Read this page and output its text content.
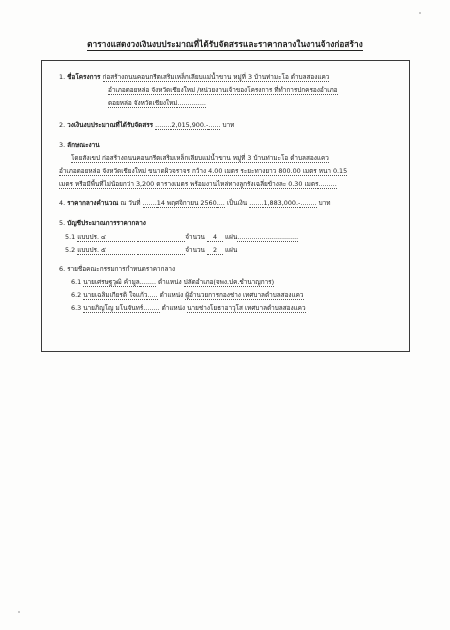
ตารางแสดงวงเงินงบประมาณที่ได้รับจัดสรรและราคากลางในงานจ้างก่อสร้าง
1. ชื่อโครงการ ก่อสร้างถนนคอนกรีตเสริมเหล็กเลียบแม่น้ำขาน หมู่ที่ 3 บ้านท่ามะโอ ตำบลสองแคว
อำเภอดอยหล่อ จังหวัดเชียงใหม่ /หน่วยงานเจ้าของโครงการ ที่ทำการปกครองอำเภอ
ดอยหล่อ จังหวัดเชียงใหม่..............
2. วงเงินงบประมาณที่ได้รับจัดสรร ........2,015,900.-...... บาท
3. ลักษณะงาน
โดยสังเขป ก่อสร้างถนนคอนกรีตเสริมเหล็กเลียบแม่น้ำขาน หมู่ที่ 3 บ้านท่ามะโอ ตำบลสองแคว
อำเภอดอยหล่อ จังหวัดเชียงใหม่ ขนาดผิวจราจร กว้าง 4.00 เมตร ระยะทางยาว 800.00 เมตร หนา 0.15
เมตร หรือมีพื้นที่ไม่น้อยกว่า 3,200 ตารางเมตร พร้อมงานไหล่ทางลูกรังเฉลี่ยข้างละ 0.30 เมตร.........
4. ราคากลางคำนวณ ณ วันที่ .......14 พฤศจิกายน 2560.... เป็นเงิน .......1,883,000.-........ บาท
5. บัญชีประมาณการราคากลาง
5.1 แบบปร. ๔	จำนวน 4 แผ่น..............................
5.2 แบบปร. ๕	จำนวน 2 แผ่น
6. รายชื่อคณะกรรมการกำหนดราคากลาง
6.1 นายเศรษฐวุฒิ คำมูล........ ตำแหน่ง ปลัดอำเภอ(จพง.ปค.ชำนาญการ)
6.2 นายเฉลิมเกียรติ ใจแก้ว..... ตำแหน่ง ผู้อำนวยการกองช่าง เทศบาลตำบลสองแคว
6.3 นายภิญโญ มโนจันทร์........ ตำแหน่ง นายช่างโยธาอาวุโส เทศบาลตำบลสองแคว
